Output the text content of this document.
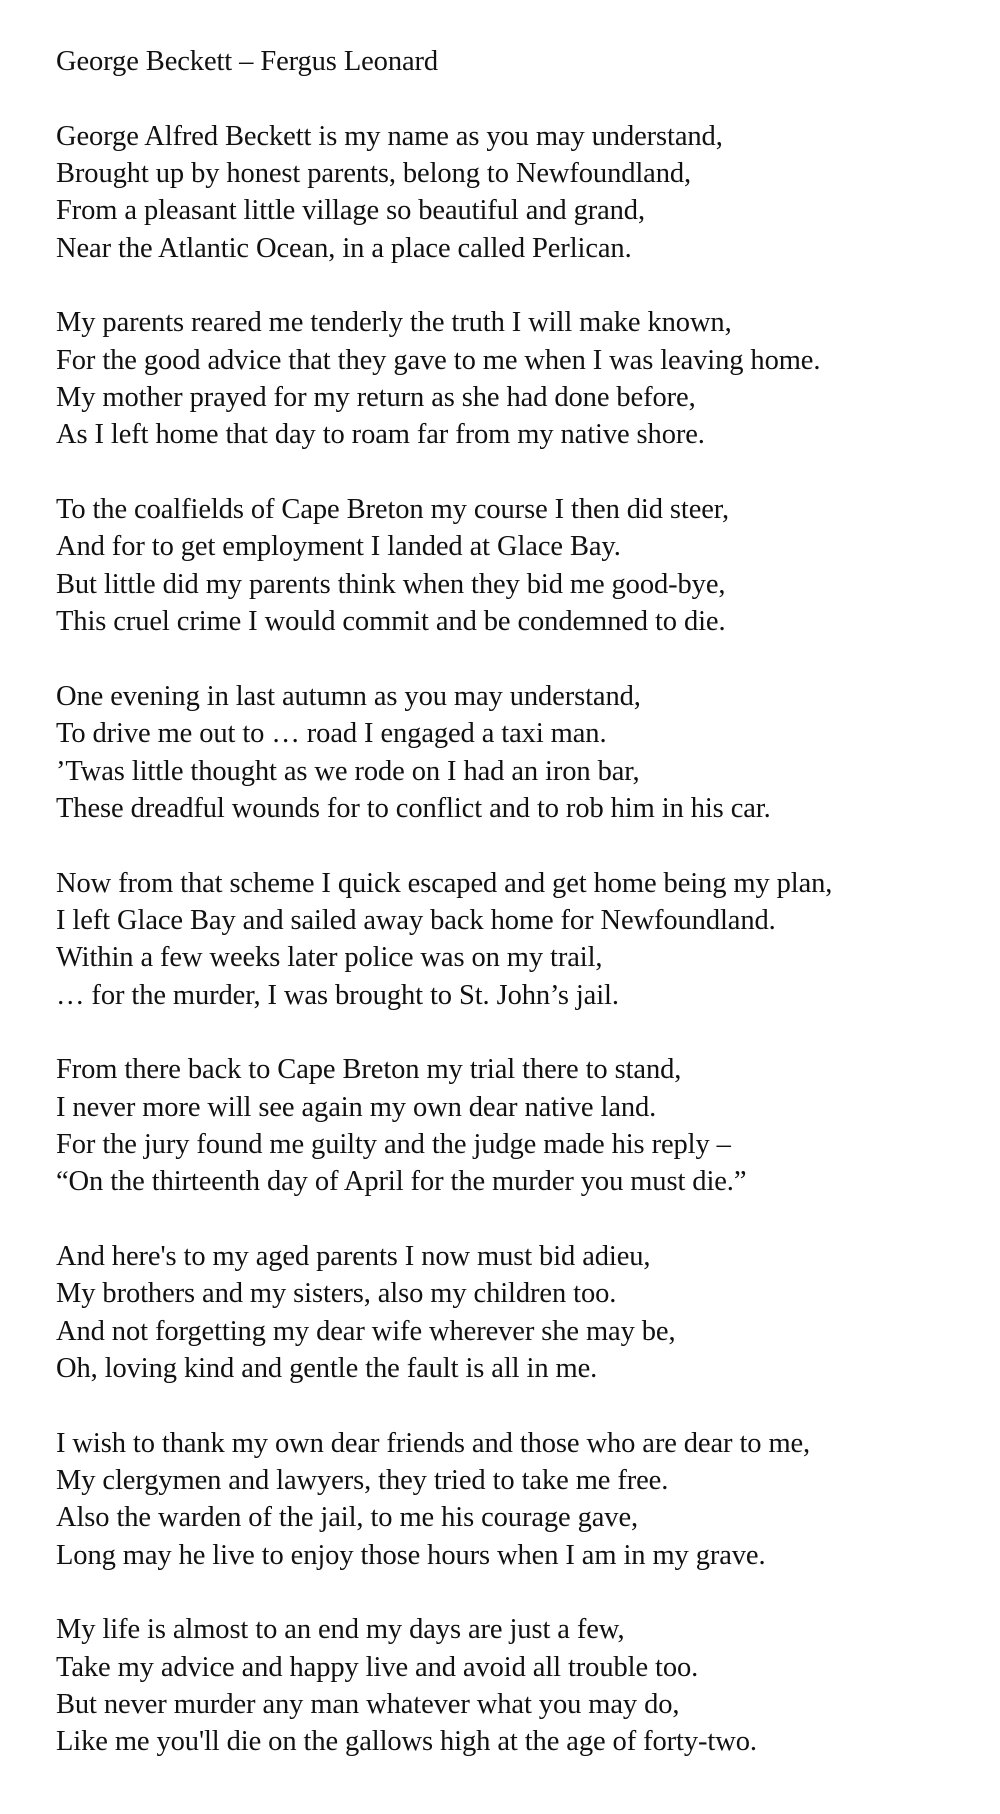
George Beckett – Fergus Leonard
George Alfred Beckett is my name as you may understand,
Brought up by honest parents, belong to Newfoundland,
From a pleasant little village so beautiful and grand,
Near the Atlantic Ocean, in a place called Perlican.
My parents reared me tenderly the truth I will make known,
For the good advice that they gave to me when I was leaving home.
My mother prayed for my return as she had done before,
As I left home that day to roam far from my native shore.
To the coalfields of Cape Breton my course I then did steer,
And for to get employment I landed at Glace Bay.
But little did my parents think when they bid me good-bye,
This cruel crime I would commit and be condemned to die.
One evening in last autumn as you may understand,
To drive me out to … road I engaged a taxi man.
’Twas little thought as we rode on I had an iron bar,
These dreadful wounds for to conflict and to rob him in his car.
Now from that scheme I quick escaped and get home being my plan,
I left Glace Bay and sailed away back home for Newfoundland.
Within a few weeks later police was on my trail,
… for the murder, I was brought to St. John’s jail.
From there back to Cape Breton my trial there to stand,
I never more will see again my own dear native land.
For the jury found me guilty and the judge made his reply –
“On the thirteenth day of April for the murder you must die.”
And here's to my aged parents I now must bid adieu,
My brothers and my sisters, also my children too.
And not forgetting my dear wife wherever she may be,
Oh, loving kind and gentle the fault is all in me.
I wish to thank my own dear friends and those who are dear to me,
My clergymen and lawyers, they tried to take me free.
Also the warden of the jail, to me his courage gave,
Long may he live to enjoy those hours when I am in my grave.
My life is almost to an end my days are just a few,
Take my advice and happy live and avoid all trouble too.
But never murder any man whatever what you may do,
Like me you'll die on the gallows high at the age of forty-two.
